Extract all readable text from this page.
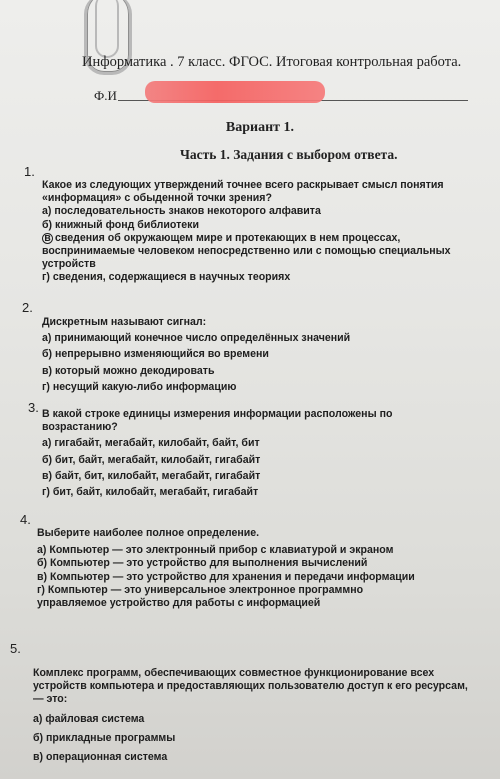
Информатика . 7 класс. ФГОС. Итоговая контрольная работа.
Ф.И
Вариант 1.
Часть 1. Задания с выбором ответа.
1.
Какое из следующих утверждений точнее всего раскрывает смысл понятия «информация» с обыденной точки зрения?
а) последовательность знаков некоторого алфавита
б) книжный фонд библиотеки
в сведения об окружающем мире и протекающих в нем процессах, воспринимаемые человеком непосредственно или с помощью специальных устройств
г) сведения, содержащиеся в научных теориях
2.
Дискретным называют сигнал:
а) принимающий конечное число определённых значений
б) непрерывно изменяющийся во времени
в) который можно декодировать
г) несущий какую-либо информацию
3. В какой строке единицы измерения информации расположены по возрастанию?
а) гигабайт, мегабайт, килобайт, байт, бит
б) бит, байт, мегабайт, килобайт, гигабайт
в) байт, бит, килобайт, мегабайт, гигабайт
г) бит, байт, килобайт, мегабайт, гигабайт
4.
Выберите наиболее полное определение.
а) Компьютер — это электронный прибор с клавиатурой и экраном
б) Компьютер — это устройство для выполнения вычислений
в) Компьютер — это устройство для хранения и передачи информации
г) Компьютер — это универсальное электронное программно управляемое устройство для работы с информацией
5.
Комплекс программ, обеспечивающих совместное функционирование всех устройств компьютера и предоставляющих пользователю доступ к его ресурсам, — это:
а) файловая система
б) прикладные программы
в) операционная система
